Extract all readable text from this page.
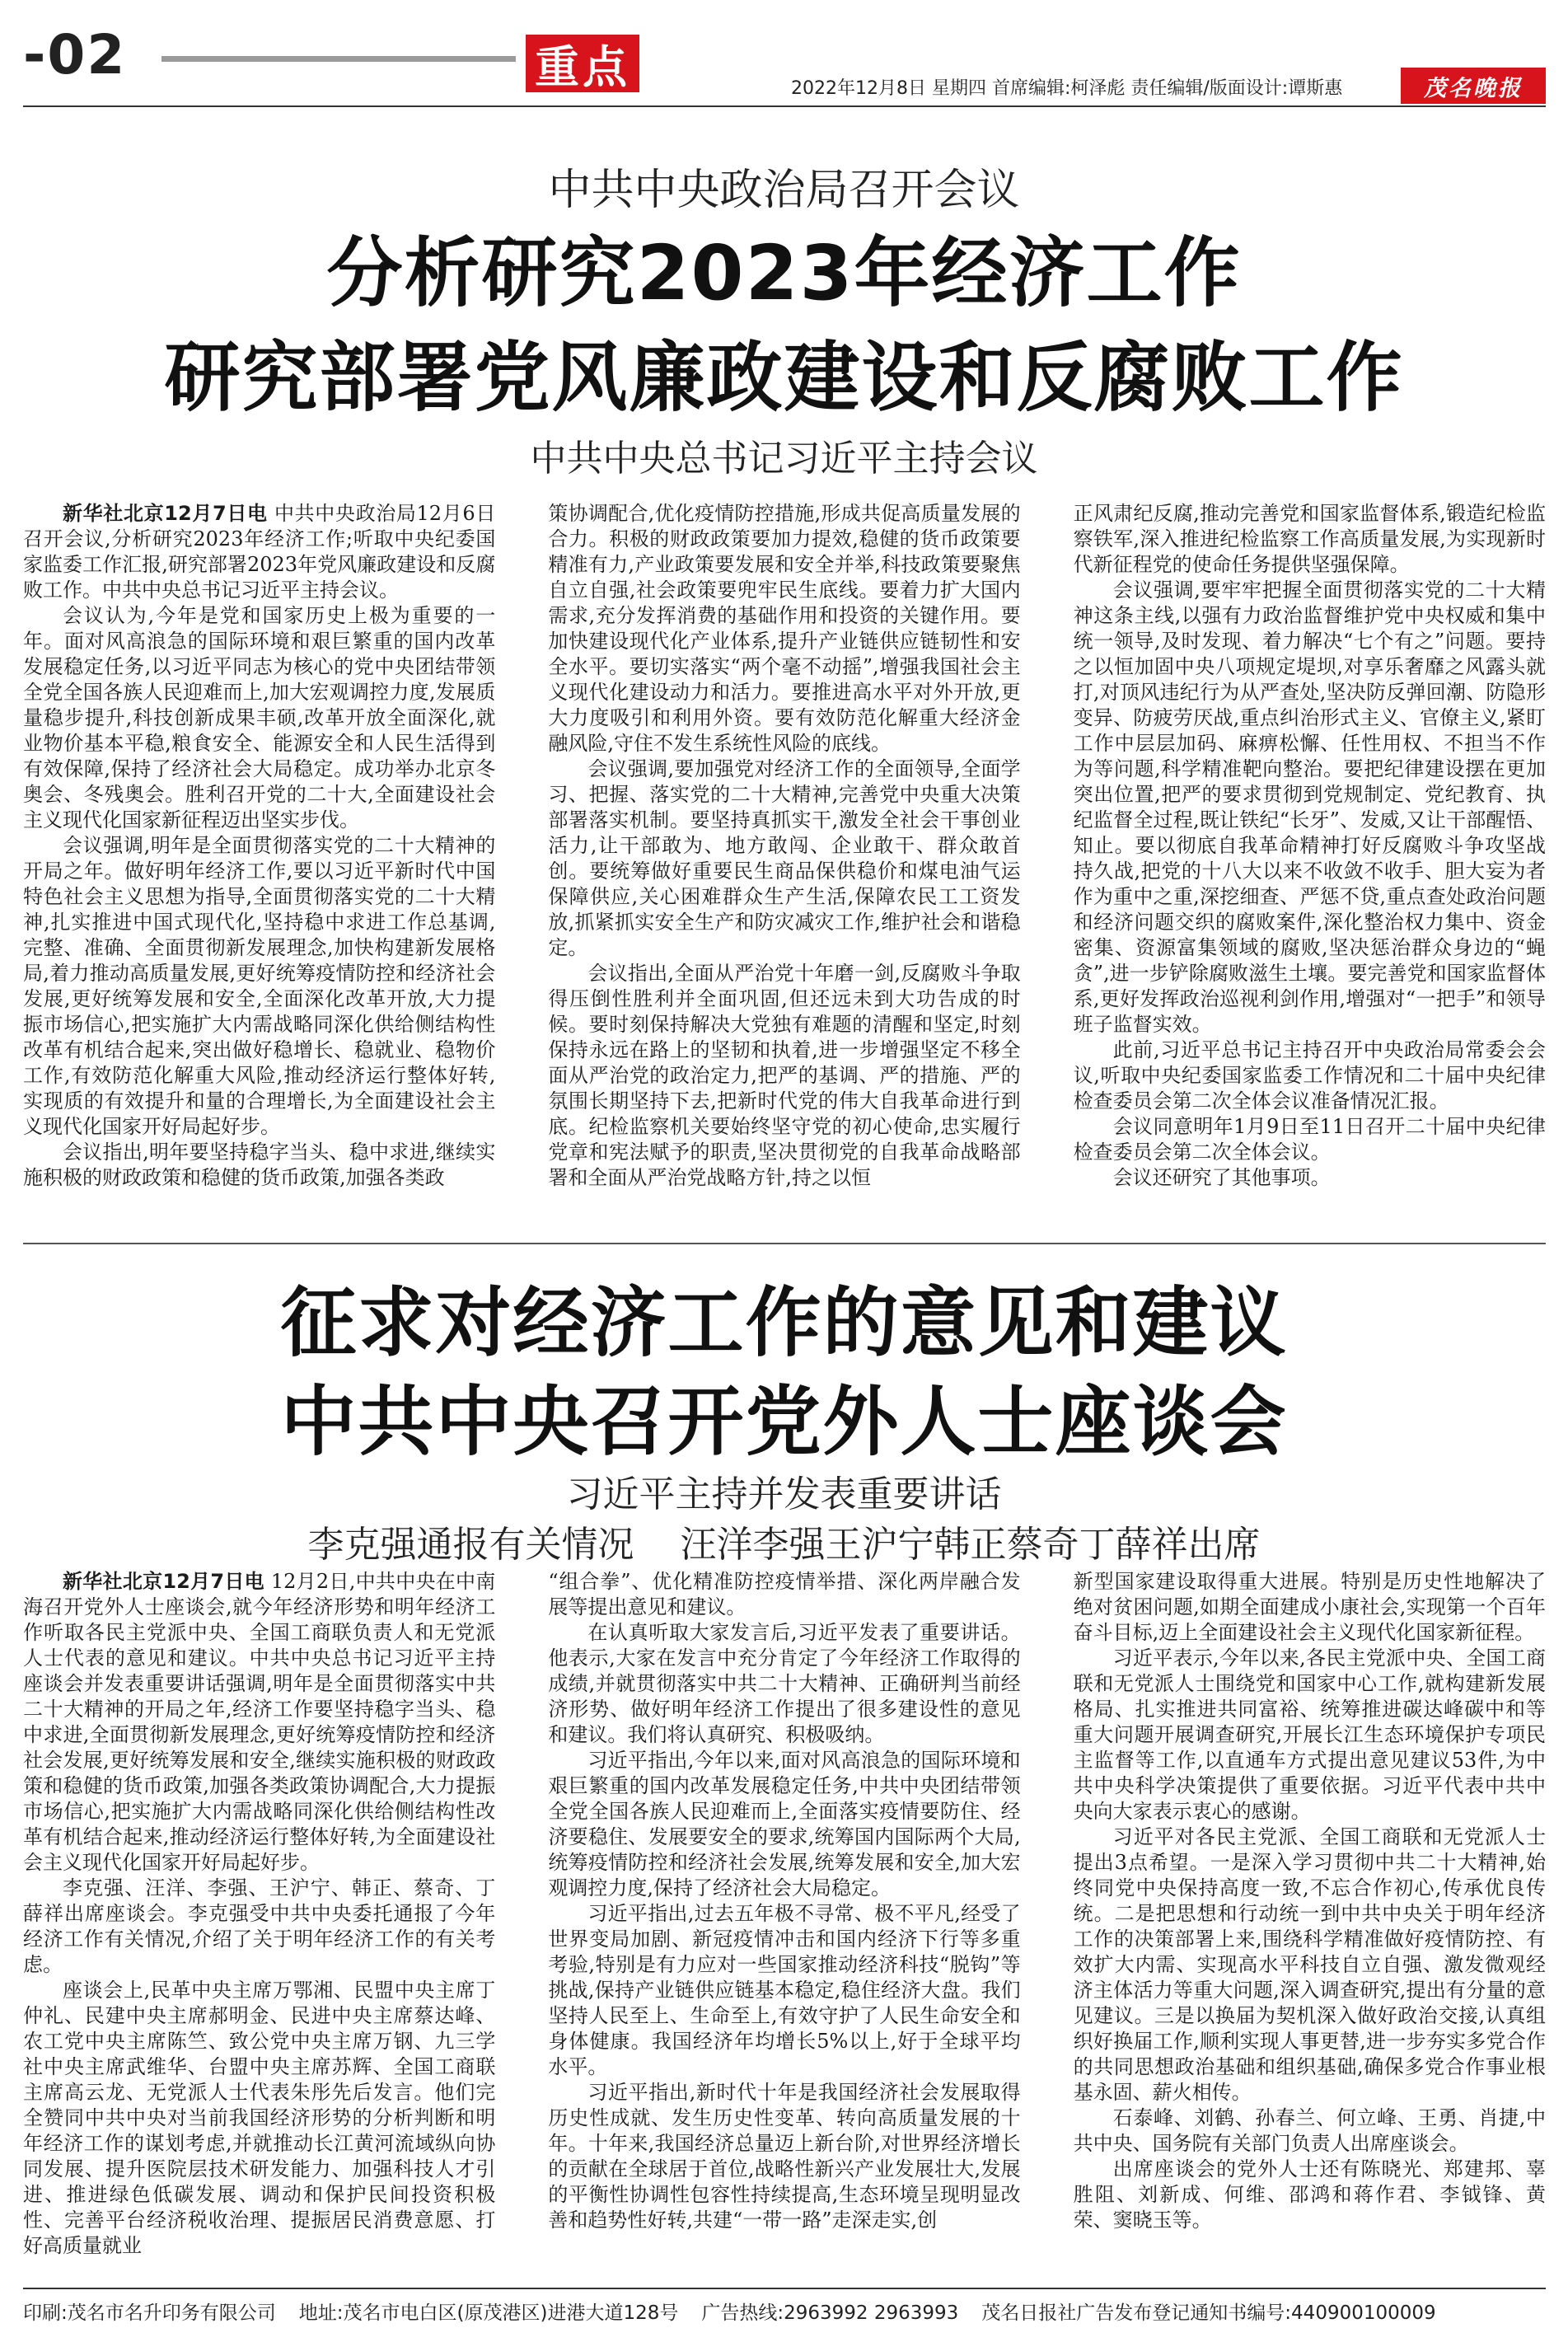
-02	重点	2022年12月8日 星期四 首席编辑:柯泽彪 责任编辑/版面设计:谭斯惠	茂名晚报
中共中央政治局召开会议
分析研究2023年经济工作
研究部署党风廉政建设和反腐败工作
中共中央总书记习近平主持会议

新华社北京12月7日电 中共中央政治局12月6日召开会议,分析研究2023年经济工作;听取中央纪委国家监委工作汇报,研究部署2023年党风廉政建设和反腐败工作。中共中央总书记习近平主持会议。

会议认为,今年是党和国家历史上极为重要的一年。面对风高浪急的国际环境和艰巨繁重的国内改革发展稳定任务,以习近平同志为核心的党中央团结带领全党全国各族人民迎难而上,加大宏观调控力度,发展质量稳步提升,科技创新成果丰硕,改革开放全面深化,就业物价基本平稳,粮食安全、能源安全和人民生活得到有效保障,保持了经济社会大局稳定。成功举办北京冬奥会、冬残奥会。胜利召开党的二十大,全面建设社会主义现代化国家新征程迈出坚实步伐。

会议强调,明年是全面贯彻落实党的二十大精神的开局之年。做好明年经济工作,要以习近平新时代中国特色社会主义思想为指导,全面贯彻落实党的二十大精神,扎实推进中国式现代化,坚持稳中求进工作总基调,完整、准确、全面贯彻新发展理念,加快构建新发展格局,着力推动高质量发展,更好统筹疫情防控和经济社会发展,更好统筹发展和安全,全面深化改革开放,大力提振市场信心,把实施扩大内需战略同深化供给侧结构性改革有机结合起来,突出做好稳增长、稳就业、稳物价工作,有效防范化解重大风险,推动经济运行整体好转,实现质的有效提升和量的合理增长,为全面建设社会主义现代化国家开好局起好步。

会议指出,明年要坚持稳字当头、稳中求进,继续实施积极的财政政策和稳健的货币政策,加强各类政

策协调配合,优化疫情防控措施,形成共促高质量发展的合力。积极的财政政策要加力提效,稳健的货币政策要精准有力,产业政策要发展和安全并举,科技政策要聚焦自立自强,社会政策要兜牢民生底线。要着力扩大国内需求,充分发挥消费的基础作用和投资的关键作用。要加快建设现代化产业体系,提升产业链供应链韧性和安全水平。要切实落实“两个毫不动摇”,增强我国社会主义现代化建设动力和活力。要推进高水平对外开放,更大力度吸引和利用外资。要有效防范化解重大经济金融风险,守住不发生系统性风险的底线。

会议强调,要加强党对经济工作的全面领导,全面学习、把握、落实党的二十大精神,完善党中央重大决策部署落实机制。要坚持真抓实干,激发全社会干事创业活力,让干部敢为、地方敢闯、企业敢干、群众敢首创。要统筹做好重要民生商品保供稳价和煤电油气运保障供应,关心困难群众生产生活,保障农民工工资发放,抓紧抓实安全生产和防灾减灾工作,维护社会和谐稳定。

会议指出,全面从严治党十年磨一剑,反腐败斗争取得压倒性胜利并全面巩固,但还远未到大功告成的时候。要时刻保持解决大党独有难题的清醒和坚定,时刻保持永远在路上的坚韧和执着,进一步增强坚定不移全面从严治党的政治定力,把严的基调、严的措施、严的氛围长期坚持下去,把新时代党的伟大自我革命进行到底。纪检监察机关要始终坚守党的初心使命,忠实履行党章和宪法赋予的职责,坚决贯彻党的自我革命战略部署和全面从严治党战略方针,持之以恒

正风肃纪反腐,推动完善党和国家监督体系,锻造纪检监察铁军,深入推进纪检监察工作高质量发展,为实现新时代新征程党的使命任务提供坚强保障。

会议强调,要牢牢把握全面贯彻落实党的二十大精神这条主线,以强有力政治监督维护党中央权威和集中统一领导,及时发现、着力解决“七个有之”问题。要持之以恒加固中央八项规定堤坝,对享乐奢靡之风露头就打,对顶风违纪行为从严查处,坚决防反弹回潮、防隐形变异、防疲劳厌战,重点纠治形式主义、官僚主义,紧盯工作中层层加码、麻痹松懈、任性用权、不担当不作为等问题,科学精准靶向整治。要把纪律建设摆在更加突出位置,把严的要求贯彻到党规制定、党纪教育、执纪监督全过程,既让铁纪“长牙”、发威,又让干部醒悟、知止。要以彻底自我革命精神打好反腐败斗争攻坚战持久战,把党的十八大以来不收敛不收手、胆大妄为者作为重中之重,深挖细查、严惩不贷,重点查处政治问题和经济问题交织的腐败案件,深化整治权力集中、资金密集、资源富集领域的腐败,坚决惩治群众身边的“蝇贪”,进一步铲除腐败滋生土壤。要完善党和国家监督体系,更好发挥政治巡视利剑作用,增强对“一把手”和领导班子监督实效。

此前,习近平总书记主持召开中央政治局常委会会议,听取中央纪委国家监委工作情况和二十届中央纪律检查委员会第二次全体会议准备情况汇报。

会议同意明年1月9日至11日召开二十届中央纪律检查委员会第二次全体会议。

会议还研究了其他事项。

征求对经济工作的意见和建议
中共中央召开党外人士座谈会
习近平主持并发表重要讲话
李克强通报有关情况    汪洋李强王沪宁韩正蔡奇丁薛祥出席

新华社北京12月7日电 12月2日,中共中央在中南海召开党外人士座谈会,就今年经济形势和明年经济工作听取各民主党派中央、全国工商联负责人和无党派人士代表的意见和建议。中共中央总书记习近平主持座谈会并发表重要讲话强调,明年是全面贯彻落实中共二十大精神的开局之年,经济工作要坚持稳字当头、稳中求进,全面贯彻新发展理念,更好统筹疫情防控和经济社会发展,更好统筹发展和安全,继续实施积极的财政政策和稳健的货币政策,加强各类政策协调配合,大力提振市场信心,把实施扩大内需战略同深化供给侧结构性改革有机结合起来,推动经济运行整体好转,为全面建设社会主义现代化国家开好局起好步。

李克强、汪洋、李强、王沪宁、韩正、蔡奇、丁薛祥出席座谈会。李克强受中共中央委托通报了今年经济工作有关情况,介绍了关于明年经济工作的有关考虑。

座谈会上,民革中央主席万鄂湘、民盟中央主席丁仲礼、民建中央主席郝明金、民进中央主席蔡达峰、农工党中央主席陈竺、致公党中央主席万钢、九三学社中央主席武维华、台盟中央主席苏辉、全国工商联主席高云龙、无党派人士代表朱彤先后发言。他们完全赞同中共中央对当前我国经济形势的分析判断和明年经济工作的谋划考虑,并就推动长江黄河流域纵向协同发展、提升医院层技术研发能力、加强科技人才引进、推进绿色低碳发展、调动和保护民间投资积极性、完善平台经济税收治理、提振居民消费意愿、打好高质量就业

“组合拳”、优化精准防控疫情举措、深化两岸融合发展等提出意见和建议。

在认真听取大家发言后,习近平发表了重要讲话。他表示,大家在发言中充分肯定了今年经济工作取得的成绩,并就贯彻落实中共二十大精神、正确研判当前经济形势、做好明年经济工作提出了很多建设性的意见和建议。我们将认真研究、积极吸纳。

习近平指出,今年以来,面对风高浪急的国际环境和艰巨繁重的国内改革发展稳定任务,中共中央团结带领全党全国各族人民迎难而上,全面落实疫情要防住、经济要稳住、发展要安全的要求,统筹国内国际两个大局,统筹疫情防控和经济社会发展,统筹发展和安全,加大宏观调控力度,保持了经济社会大局稳定。

习近平指出,过去五年极不寻常、极不平凡,经受了世界变局加剧、新冠疫情冲击和国内经济下行等多重考验,特别是有力应对一些国家推动经济科技“脱钩”等挑战,保持产业链供应链基本稳定,稳住经济大盘。我们坚持人民至上、生命至上,有效守护了人民生命安全和身体健康。我国经济年均增长5%以上,好于全球平均水平。

习近平指出,新时代十年是我国经济社会发展取得历史性成就、发生历史性变革、转向高质量发展的十年。十年来,我国经济总量迈上新台阶,对世界经济增长的贡献在全球居于首位,战略性新兴产业发展壮大,发展的平衡性协调性包容性持续提高,生态环境呈现明显改善和趋势性好转,共建“一带一路”走深走实,创

新型国家建设取得重大进展。特别是历史性地解决了绝对贫困问题,如期全面建成小康社会,实现第一个百年奋斗目标,迈上全面建设社会主义现代化国家新征程。

习近平表示,今年以来,各民主党派中央、全国工商联和无党派人士围绕党和国家中心工作,就构建新发展格局、扎实推进共同富裕、统筹推进碳达峰碳中和等重大问题开展调查研究,开展长江生态环境保护专项民主监督等工作,以直通车方式提出意见建议53件,为中共中央科学决策提供了重要依据。习近平代表中共中央向大家表示衷心的感谢。

习近平对各民主党派、全国工商联和无党派人士提出3点希望。一是深入学习贯彻中共二十大精神,始终同党中央保持高度一致,不忘合作初心,传承优良传统。二是把思想和行动统一到中共中央关于明年经济工作的决策部署上来,围绕科学精准做好疫情防控、有效扩大内需、实现高水平科技自立自强、激发微观经济主体活力等重大问题,深入调查研究,提出有分量的意见建议。三是以换届为契机深入做好政治交接,认真组织好换届工作,顺利实现人事更替,进一步夯实多党合作的共同思想政治基础和组织基础,确保多党合作事业根基永固、薪火相传。

石泰峰、刘鹤、孙春兰、何立峰、王勇、肖捷,中共中央、国务院有关部门负责人出席座谈会。

出席座谈会的党外人士还有陈晓光、郑建邦、辜胜阻、刘新成、何维、邵鸿和蒋作君、李钺锋、黄荣、窦晓玉等。

印刷:茂名市名升印务有限公司 地址:茂名市电白区(原茂港区)进港大道128号 广告热线:2963992 2963993 茂名日报社广告发布登记通知书编号:440900100009
